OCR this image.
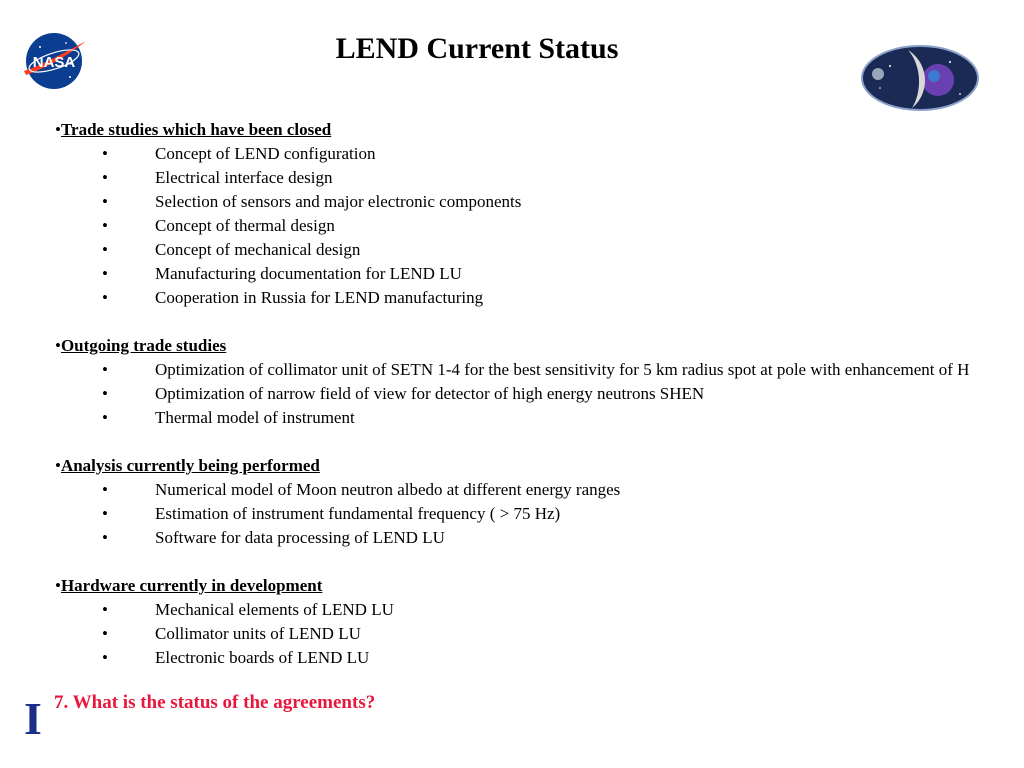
NASA	LEND Current Status
•Trade studies which have been closed
•	Concept of LEND configuration
•	Electrical interface design
•	Selection of sensors and major electronic components
•	Concept of thermal design
•	Concept of mechanical design
•	Manufacturing documentation for LEND LU
•	Cooperation in Russia for LEND manufacturing
•Outgoing trade studies
•	Optimization of collimator unit of SETN 1-4 for the best sensitivity for 5 km radius spot at pole with enhancement of H
•	Optimization of narrow field of view for detector of high energy neutrons SHEN
•	Thermal model of instrument
•Analysis currently being performed
•	Numerical model of Moon neutron albedo at different energy ranges
•	Estimation of instrument fundamental frequency ( > 75 Hz)
•	Software for data processing of LEND LU
•Hardware currently in development
•	Mechanical elements of LEND LU
•	Collimator units of LEND LU
•	Electronic boards of LEND LU
I 7. What is the status of the agreements?
